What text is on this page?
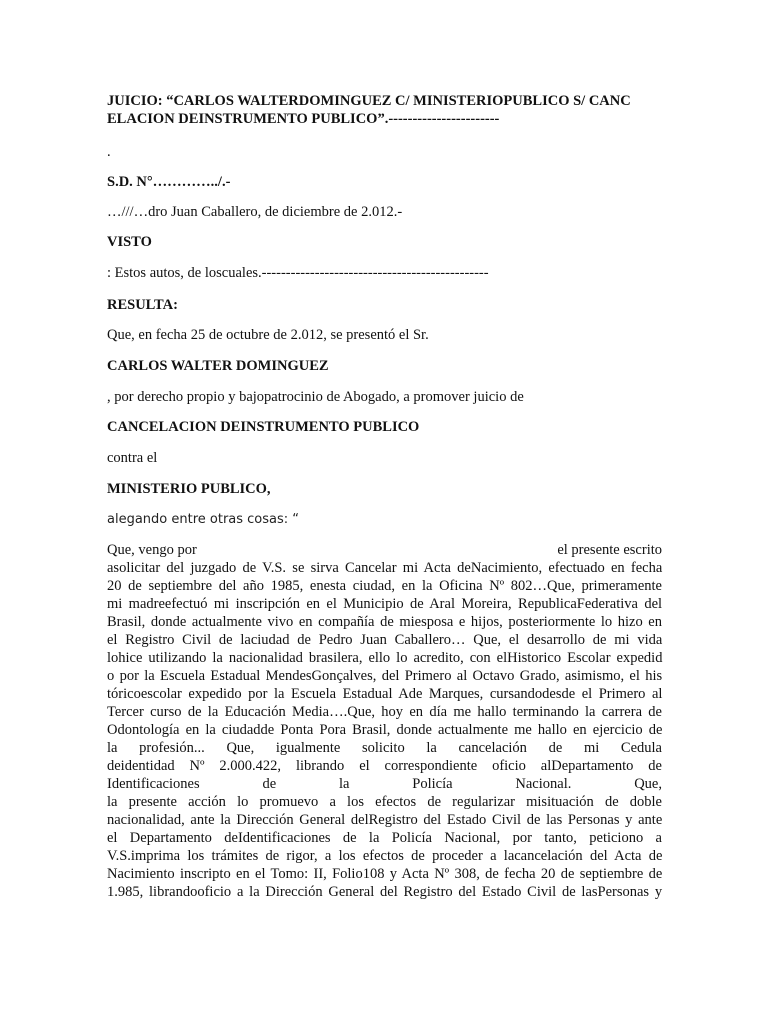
JUICIO: “CARLOS WALTERDOMINGUEZ C/ MINISTERIOPUBLICO S/ CANC
ELACION DEINSTRUMENTO PUBLICO”.-----------------------

.

S.D. N°…………../.-

…///…dro Juan Caballero, de diciembre de 2.012.-

VISTO

: Estos autos, de loscuales.-----------------------------------------------

RESULTA:

Que, en fecha 25 de octubre de 2.012, se presentó el Sr.

CARLOS WALTER DOMINGUEZ

, por derecho propio y bajopatrocinio de Abogado, a promover juicio de

CANCELACION DEINSTRUMENTO PUBLICO

contra el

MINISTERIO PUBLICO,

alegando entre otras cosas: “

Que, vengo por	el presente escrito
asolicitar del juzgado de V.S. se sirva Cancelar mi Acta deNacimiento, efectuado en fecha
20 de septiembre del año 1985, enesta ciudad, en la Oficina Nº 802…Que, primeramente
mi madreefectuó mi inscripción en el Municipio de Aral Moreira, RepublicaFederativa del
Brasil, donde actualmente vivo en compañía de miesposa e hijos, posteriormente lo hizo en
el Registro Civil de laciudad de Pedro Juan Caballero… Que, el desarrollo de mi vida
lohice utilizando la nacionalidad brasilera, ello lo acredito, con elHistorico Escolar expedid
o por la Escuela Estadual MendesGonçalves, del Primero al Octavo Grado, asimismo, el his
tóricoescolar expedido por la Escuela Estadual Ade Marques, cursandodesde el Primero al
Tercer curso de la Educación Media….Que, hoy en día me hallo terminando la carrera de
Odontología en la ciudadde Ponta Pora Brasil, donde actualmente me hallo en ejercicio de
la profesión... Que, igualmente solicito la cancelación de mi Cedula
deidentidad Nº 2.000.422, librando el correspondiente oficio alDepartamento de
Identificaciones de la Policía Nacional. Que,
la presente acción lo promuevo a los efectos de regularizar misituación de doble
nacionalidad, ante la Dirección General delRegistro del Estado Civil de las Personas y ante
el Departamento deIdentificaciones de la Policía Nacional, por tanto, peticiono a
V.S.imprima los trámites de rigor, a los efectos de proceder a lacancelación del Acta de
Nacimiento inscripto en el Tomo: II, Folio108 y Acta Nº 308, de fecha 20 de septiembre de
1.985, librandooficio a la Dirección General del Registro del Estado Civil de lasPersonas y
